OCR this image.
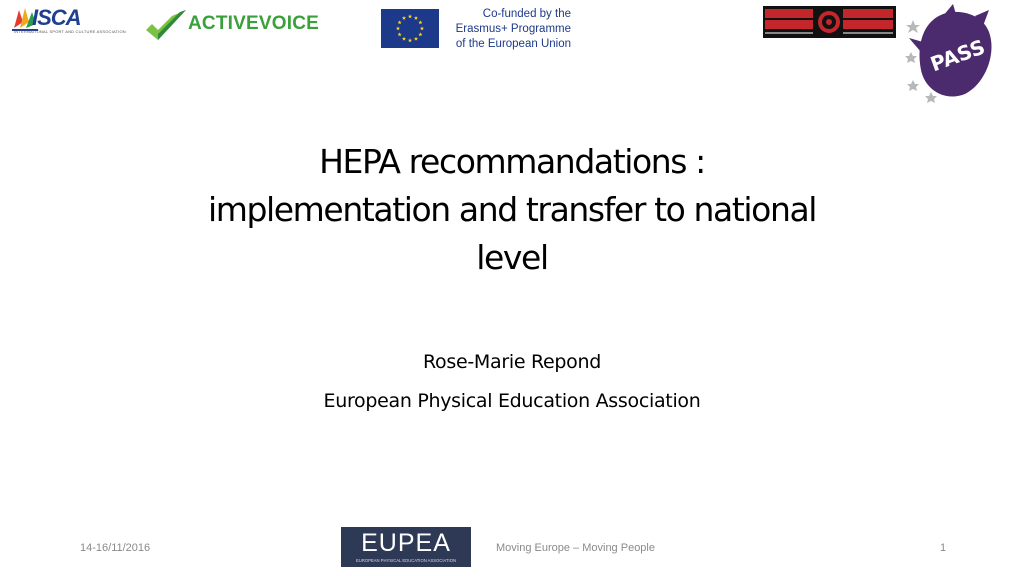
ISCA
INTERNATIONAL SPORT AND CULTURE ASSOCIATION	ACTIVEVOICE	Co-funded by the
Erasmus+ Programme
of the European Union	PASS
HEPA recommandations :
implementation and transfer to national
level
Rose-Marie Repond
European Physical Education Association
14-16/11/2016	EUPEA
EUROPEAN PHYSICAL EDUCATION ASSOCIATION
Moving Europe – Moving People	1
